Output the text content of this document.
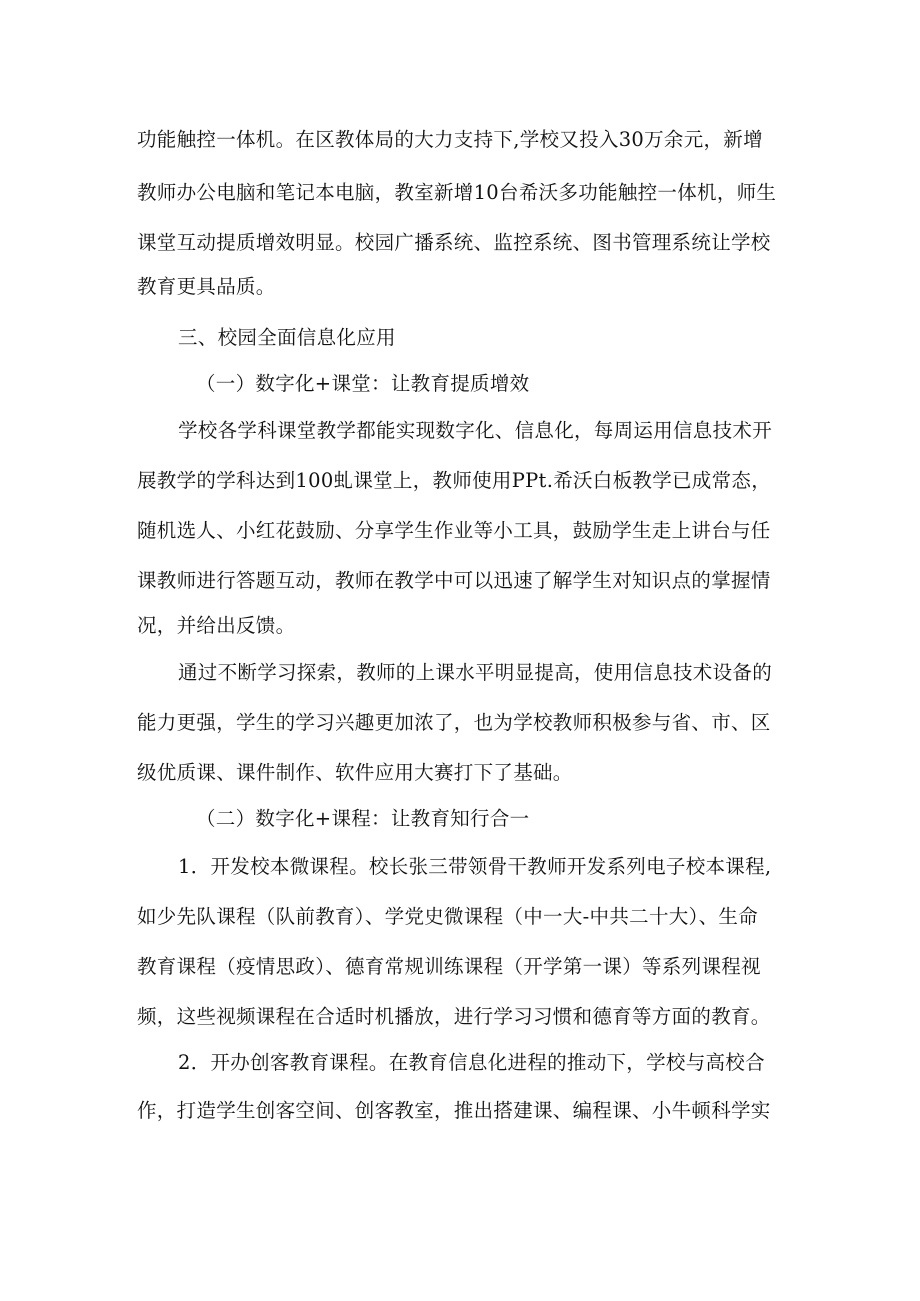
功能触控一体机。在区教体局的大力支持下,学校又投入30万余元，新增

教师办公电脑和笔记本电脑，教室新增10台希沃多功能触控一体机，师生

课堂互动提质增效明显。校园广播系统、监控系统、图书管理系统让学校

教育更具品质。

三、校园全面信息化应用

（一）数字化+课堂：让教育提质增效

学校各学科课堂教学都能实现数字化、信息化，每周运用信息技术开

展教学的学科达到100虬课堂上，教师使用PPt.希沃白板教学已成常态，

随机选人、小红花鼓励、分享学生作业等小工具，鼓励学生走上讲台与任

课教师进行答题互动，教师在教学中可以迅速了解学生对知识点的掌握情

况，并给出反馈。

通过不断学习探索，教师的上课水平明显提高，使用信息技术设备的

能力更强，学生的学习兴趣更加浓了，也为学校教师积极参与省、市、区

级优质课、课件制作、软件应用大赛打下了基础。

（二）数字化+课程：让教育知行合一

1．开发校本微课程。校长张三带领骨干教师开发系列电子校本课程,

如少先队课程（队前教育）、学党史微课程（中一大-中共二十大）、生命

教育课程（疫情思政）、德育常规训练课程（开学第一课）等系列课程视

频，这些视频课程在合适时机播放，进行学习习惯和德育等方面的教育。

2．开办创客教育课程。在教育信息化进程的推动下，学校与高校合

作，打造学生创客空间、创客教室，推出搭建课、编程课、小牛顿科学实
